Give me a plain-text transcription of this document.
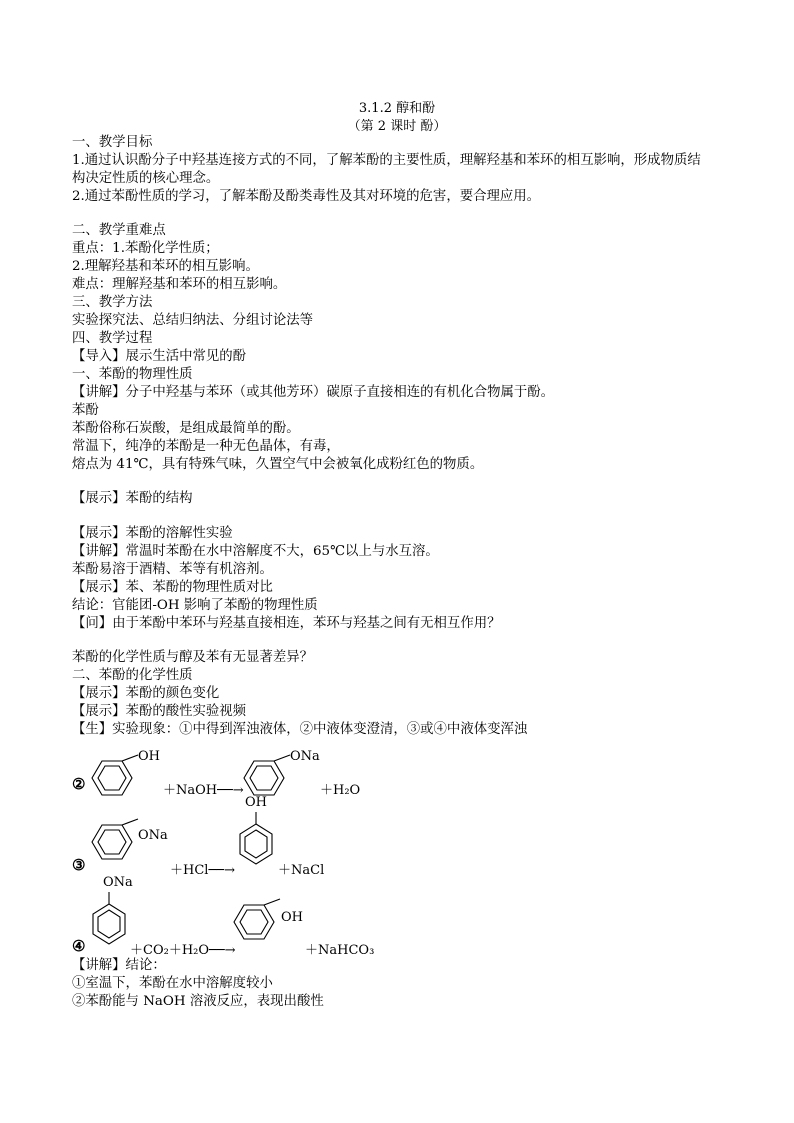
3.1.2 醇和酚
（第 2 课时 酚）
一、教学目标
1.通过认识酚分子中羟基连接方式的不同，了解苯酚的主要性质，理解羟基和苯环的相互影响，形成物质结
构决定性质的核心理念。
2.通过苯酚性质的学习，了解苯酚及酚类毒性及其对环境的危害，要合理应用。
二、教学重难点
重点：1.苯酚化学性质；
2.理解羟基和苯环的相互影响。
难点：理解羟基和苯环的相互影响。
三、教学方法
实验探究法、总结归纳法、分组讨论法等
四、教学过程
【导入】展示生活中常见的酚
一、苯酚的物理性质
【讲解】分子中羟基与苯环（或其他芳环）碳原子直接相连的有机化合物属于酚。
苯酚
苯酚俗称石炭酸，是组成最简单的酚。
常温下，纯净的苯酚是一种无色晶体，有毒，
熔点为 41℃，具有特殊气味，久置空气中会被氧化成粉红色的物质。
【展示】苯酚的结构
【展示】苯酚的溶解性实验
【讲解】常温时苯酚在水中溶解度不大，65℃以上与水互溶。
苯酚易溶于酒精、苯等有机溶剂。
【展示】苯、苯酚的物理性质对比
结论：官能团-OH 影响了苯酚的物理性质
【问】由于苯酚中苯环与羟基直接相连，苯环与羟基之间有无相互作用？
苯酚的化学性质与醇及苯有无显著差异？
二、苯酚的化学性质
【展示】苯酚的颜色变化
【展示】苯酚的酸性实验视频
【生】实验现象：①中得到浑浊液体，②中液体变澄清，③或④中液体变浑浊
②
OH
＋NaOH──→
ONa
＋H₂O
③
ONa
＋HCl──→
OH
＋NaCl
④
ONa
＋CO₂＋H₂O──→
OH
＋NaHCO₃
【讲解】结论：
①室温下，苯酚在水中溶解度较小
②苯酚能与 NaOH 溶液反应，表现出酸性
